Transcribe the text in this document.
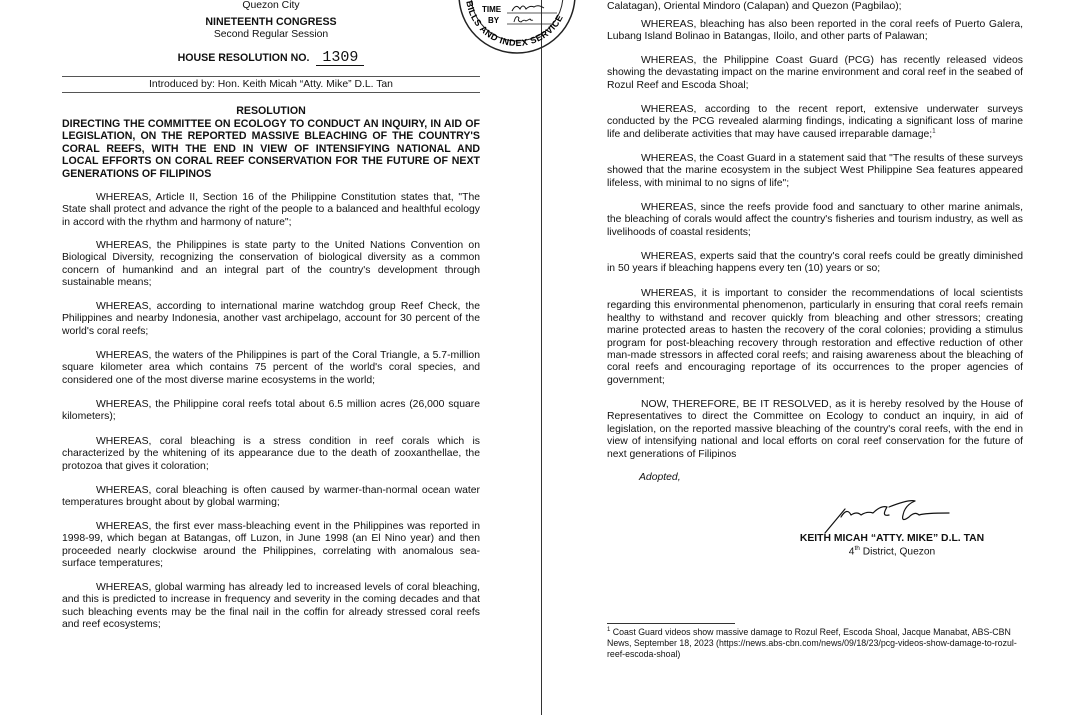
Quezon City
NINETEENTH CONGRESS
Second Regular Session
HOUSE RESOLUTION NO. 1309
TIME
BY
BILLS AND INDEX SERVICE
Introduced by: Hon. Keith Micah “Atty. Mike” D.L. Tan
RESOLUTION
DIRECTING THE COMMITTEE ON ECOLOGY TO CONDUCT AN INQUIRY, IN AID OF LEGISLATION, ON THE REPORTED MASSIVE BLEACHING OF THE COUNTRY'S CORAL REEFS, WITH THE END IN VIEW OF INTENSIFYING NATIONAL AND LOCAL EFFORTS ON CORAL REEF CONSERVATION FOR THE FUTURE OF NEXT GENERATIONS OF FILIPINOS
WHEREAS, Article II, Section 16 of the Philippine Constitution states that, "The State shall protect and advance the right of the people to a balanced and healthful ecology in accord with the rhythm and harmony of nature";
WHEREAS, the Philippines is state party to the United Nations Convention on Biological Diversity, recognizing the conservation of biological diversity as a common concern of humankind and an integral part of the country's development through sustainable means;
WHEREAS, according to international marine watchdog group Reef Check, the Philippines and nearby Indonesia, another vast archipelago, account for 30 percent of the world's coral reefs;
WHEREAS, the waters of the Philippines is part of the Coral Triangle, a 5.7-million square kilometer area which contains 75 percent of the world's coral species, and considered one of the most diverse marine ecosystems in the world;
WHEREAS, the Philippine coral reefs total about 6.5 million acres (26,000 square kilometers);
WHEREAS, coral bleaching is a stress condition in reef corals which is characterized by the whitening of its appearance due to the death of zooxanthellae, the protozoa that gives it coloration;
WHEREAS, coral bleaching is often caused by warmer-than-normal ocean water temperatures brought about by global warming;
WHEREAS, the first ever mass-bleaching event in the Philippines was reported in 1998-99, which began at Batangas, off Luzon, in June 1998 (an El Nino year) and then proceeded nearly clockwise around the Philippines, correlating with anomalous sea-surface temperatures;
WHEREAS, global warming has already led to increased levels of coral bleaching, and this is predicted to increase in frequency and severity in the coming decades and that such bleaching events may be the final nail in the coffin for already stressed coral reefs and reef ecosystems;
Calatagan), Oriental Mindoro (Calapan) and Quezon (Pagbilao);
WHEREAS, bleaching has also been reported in the coral reefs of Puerto Galera, Lubang Island Bolinao in Batangas, Iloilo, and other parts of Palawan;
WHEREAS, the Philippine Coast Guard (PCG) has recently released videos showing the devastating impact on the marine environment and coral reef in the seabed of Rozul Reef and Escoda Shoal;
WHEREAS, according to the recent report, extensive underwater surveys conducted by the PCG revealed alarming findings, indicating a significant loss of marine life and deliberate activities that may have caused irreparable damage;$^1$
WHEREAS, the Coast Guard in a statement said that "The results of these surveys showed that the marine ecosystem in the subject West Philippine Sea features appeared lifeless, with minimal to no signs of life";
WHEREAS, since the reefs provide food and sanctuary to other marine animals, the bleaching of corals would affect the country's fisheries and tourism industry, as well as livelihoods of coastal residents;
WHEREAS, experts said that the country's coral reefs could be greatly diminished in 50 years if bleaching happens every ten (10) years or so;
WHEREAS, it is important to consider the recommendations of local scientists regarding this environmental phenomenon, particularly in ensuring that coral reefs remain healthy to withstand and recover quickly from bleaching and other stressors; creating marine protected areas to hasten the recovery of the coral colonies; providing a stimulus program for post-bleaching recovery through restoration and effective reduction of other man-made stressors in affected coral reefs; and raising awareness about the bleaching of coral reefs and encouraging reportage of its occurrences to the proper agencies of government;
NOW, THEREFORE, BE IT RESOLVED, as it is hereby resolved by the House of Representatives to direct the Committee on Ecology to conduct an inquiry, in aid of legislation, on the reported massive bleaching of the country's coral reefs, with the end in view of intensifying national and local efforts on coral reef conservation for the future of next generations of Filipinos
Adopted,
KEITH MICAH “ATTY. MIKE” D.L. TAN
4th District, Quezon
$^1$ Coast Guard videos show massive damage to Rozul Reef, Escoda Shoal, Jacque Manabat, ABS-CBN News, September 18, 2023 (https://news.abs-cbn.com/news/09/18/23/pcg-videos-show-damage-to-rozul-reef-escoda-shoal)
